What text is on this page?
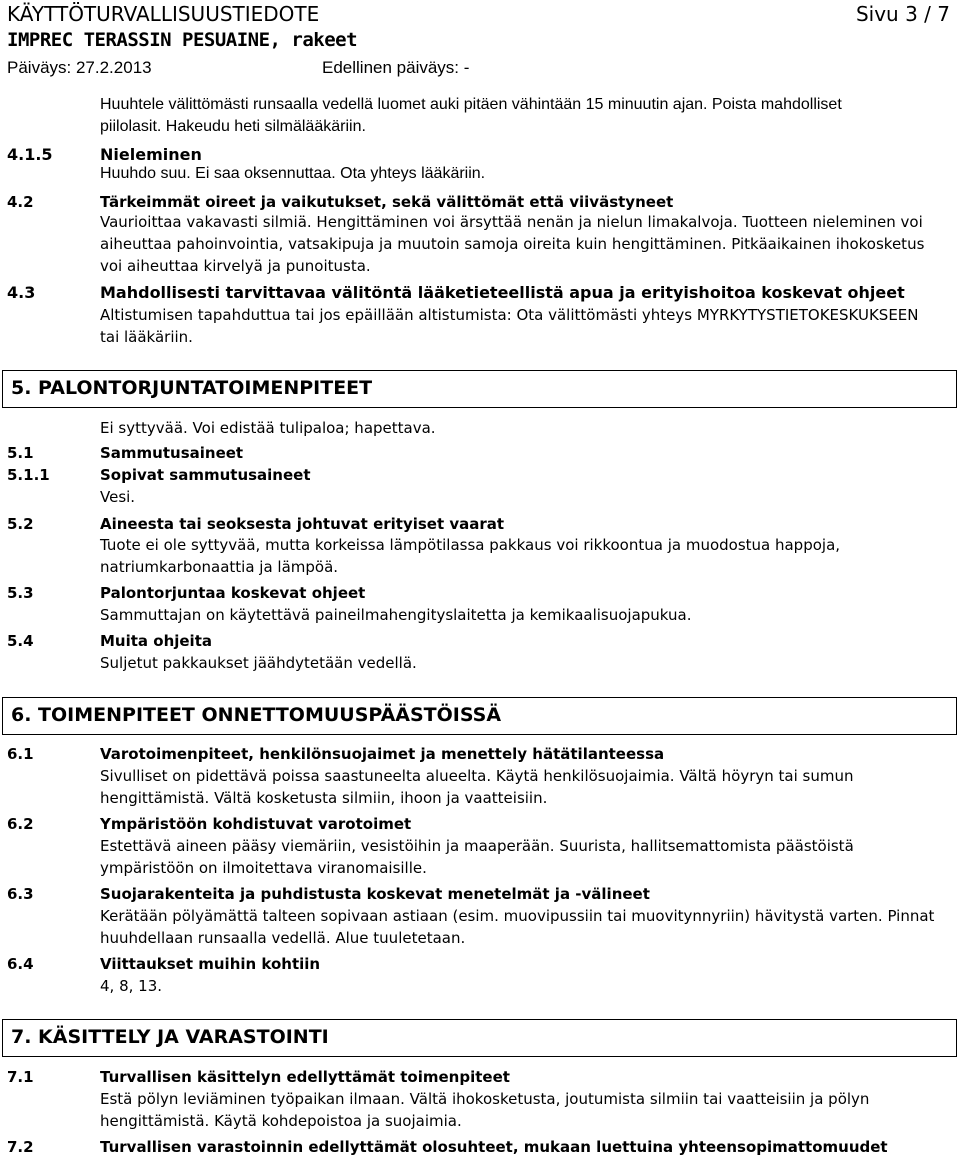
KÄYTTÖTURVALLISUUSTIEDOTE	Sivu 3 / 7
IMPREC TERASSIN PESUAINE, rakeet
Päiväys: 27.2.2013	Edellinen päiväys: -
Huuhtele välittömästi runsaalla vedellä luomet auki pitäen vähintään 15 minuutin ajan. Poista mahdolliset
piilolasit. Hakeudu heti silmälääkäriin.
4.1.5	Nieleminen
Huuhdo suu. Ei saa oksennuttaa. Ota yhteys lääkäriin.
4.2	Tärkeimmät oireet ja vaikutukset, sekä välittömät että viivästyneet
Vaurioittaa vakavasti silmiä. Hengittäminen voi ärsyttää nenän ja nielun limakalvoja. Tuotteen nieleminen voi
aiheuttaa pahoinvointia, vatsakipuja ja muutoin samoja oireita kuin hengittäminen. Pitkäaikainen ihokosketus
voi aiheuttaa kirvelyä ja punoitusta.
4.3	Mahdollisesti tarvittavaa välitöntä lääketieteellistä apua ja erityishoitoa koskevat ohjeet
Altistumisen tapahduttua tai jos epäillään altistumista: Ota välittömästi yhteys MYRKYTYSTIETOKESKUKSEEN
tai lääkäriin.
5. PALONTORJUNTATOIMENPITEET
Ei syttyvää. Voi edistää tulipaloa; hapettava.
5.1	Sammutusaineet
5.1.1	Sopivat sammutusaineet
Vesi.
5.2	Aineesta tai seoksesta johtuvat erityiset vaarat
Tuote ei ole syttyvää, mutta korkeissa lämpötilassa pakkaus voi rikkoontua ja muodostua happoja,
natriumkarbonaattia ja lämpöä.
5.3	Palontorjuntaa koskevat ohjeet
Sammuttajan on käytettävä paineilmahengityslaitetta ja kemikaalisuojapukua.
5.4	Muita ohjeita
Suljetut pakkaukset jäähdytetään vedellä.
6. TOIMENPITEET ONNETTOMUUSPÄÄSTÖISSÄ
6.1	Varotoimenpiteet, henkilönsuojaimet ja menettely hätätilanteessa
Sivulliset on pidettävä poissa saastuneelta alueelta. Käytä henkilösuojaimia. Vältä höyryn tai sumun
hengittämistä. Vältä kosketusta silmiin, ihoon ja vaatteisiin.
6.2	Ympäristöön kohdistuvat varotoimet
Estettävä aineen pääsy viemäriin, vesistöihin ja maaperään. Suurista, hallitsemattomista päästöistä
ympäristöön on ilmoitettava viranomaisille.
6.3	Suojarakenteita ja puhdistusta koskevat menetelmät ja -välineet
Kerätään pölyämättä talteen sopivaan astiaan (esim. muovipussiin tai muovitynnyriin) hävitystä varten. Pinnat
huuhdellaan runsaalla vedellä. Alue tuuletetaan.
6.4	Viittaukset muihin kohtiin
4, 8, 13.
7. KÄSITTELY JA VARASTOINTI
7.1	Turvallisen käsittelyn edellyttämät toimenpiteet
Estä pölyn leviäminen työpaikan ilmaan. Vältä ihokosketusta, joutumista silmiin tai vaatteisiin ja pölyn
hengittämistä. Käytä kohdepoistoa ja suojaimia.
7.2	Turvallisen varastoinnin edellyttämät olosuhteet, mukaan luettuina yhteensopimattomuudet
